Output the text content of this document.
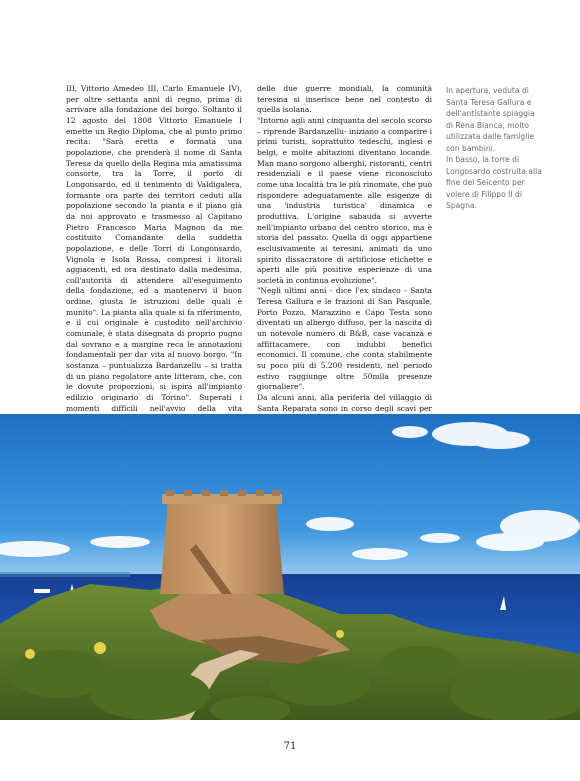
III, Vittorio Amedeo III, Carlo Emanuele IV), per oltre settanta anni di regno, prima di arrivare alla fondazione del borgo. Soltanto il 12 agosto del 1808 Vittorio Emanuele I emette un Regio Diploma, che al punto primo recita: "Sarà eretta e formata una popolazione, che prenderà il nome di Santa Teresa da quello della Regina mia amatissima consorte, tra la Torre, il porto di Longonsardo, ed il tenimento di Valdigalera, formante ora parte dei territori ceduti alla popolazione secondo la pianta e il piano già da noi approvato e trasmesso al Capitano Pietro Francesco Maria Magnon da me costituito Comandante della suddetta popolazione, e delle Torri di Longonsardo, Vignola e Isola Rossa, compresi i litorali aggiacenti, ed ora destinato dalla medesima, coll'autorità di attendere all'eseguimento della fondazione, ed a mantenervi il buon ordine, giusta le istruzioni delle quali è munito". La pianta alla quale si fa riferimento, e il cui originale è custodito nell'archivio comunale, è stata disegnata di proprio pugno dal sovrano e a margine reca le annotazioni fondamentali per dar vita al nuovo borgo. "In sostanza – puntualizza Bardanzellu – si tratta di un piano regolatore ante litteram, che, con le dovute proporzioni, si ispira all'impianto edilizio originario di Torino". Superati i momenti difficili nell'avvio della vita

delle due guerre mondiali, la comunità teresina si inserisce bene nel contesto di quella isolana.

"Intorno agli anni cinquanta del secolo scorso – riprende Bardanzellu- iniziano a comparire i primi turisti, soprattutto tedeschi, inglesi e belgi, e molte abitazioni diventano locande. Man mano sorgono alberghi, ristoranti, centri residenziali e il paese viene riconosciuto come una località tra le più rinomate, che può rispondere adeguatamente alle esigenze di una 'industria turistica' dinamica e produttiva. L'origine sabauda si avverte nell'impianto urbano del centro storico, ma è storia del passato. Quella di oggi appartiene esclusivamente ai teresini, animati da uno spirito dissacratore di artificiose etichette e aperti alle più positive esperienze di una società in continua evoluzione".

"Negli ultimi anni - dice l'ex sindaco - Santa Teresa Gallura e le frazioni di San Pasquale, Porto Pozzo, Marazzino e Capo Testa sono diventati un albergo diffuso, per la nascita di un notevole numero di B&B, case vacanza e affittacamere, con indubbi benefici economici. Il comune, che conta stabilmente su poco più di 5.200 residenti, nel periodo estivo raggiunge oltre 50mila presenze giornaliere".

Da alcuni anni, alla periferia del villaggio di Santa Reparata sono in corso degli scavi per

In apertura, veduta di Santa Teresa Gallura e dell'antistante spiaggia di Rena Bianca, molto utilizzata dalle famiglie con bambini.

In basso, la torre di Longosardo costruita alla fine del Seicento per volere di Filippo II di Spagna.

71
